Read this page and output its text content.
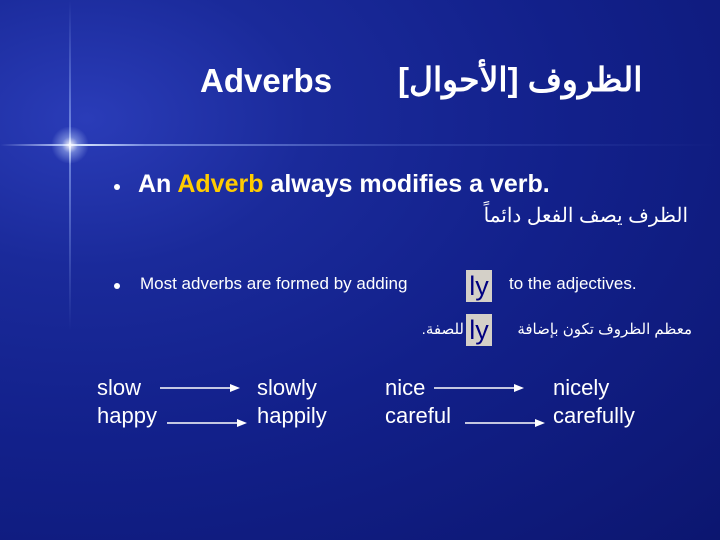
Adverbs الظروف [الأحوال]
An Adverb always modifies a verb.
الظرف يصف الفعل دائماً
Most adverbs are formed by adding ly to the adjectives.
معظم الظروف تكون بإضافة
ly
للصفة.
slow
happy
slowly
happily
nice
careful
nicely
carefully
